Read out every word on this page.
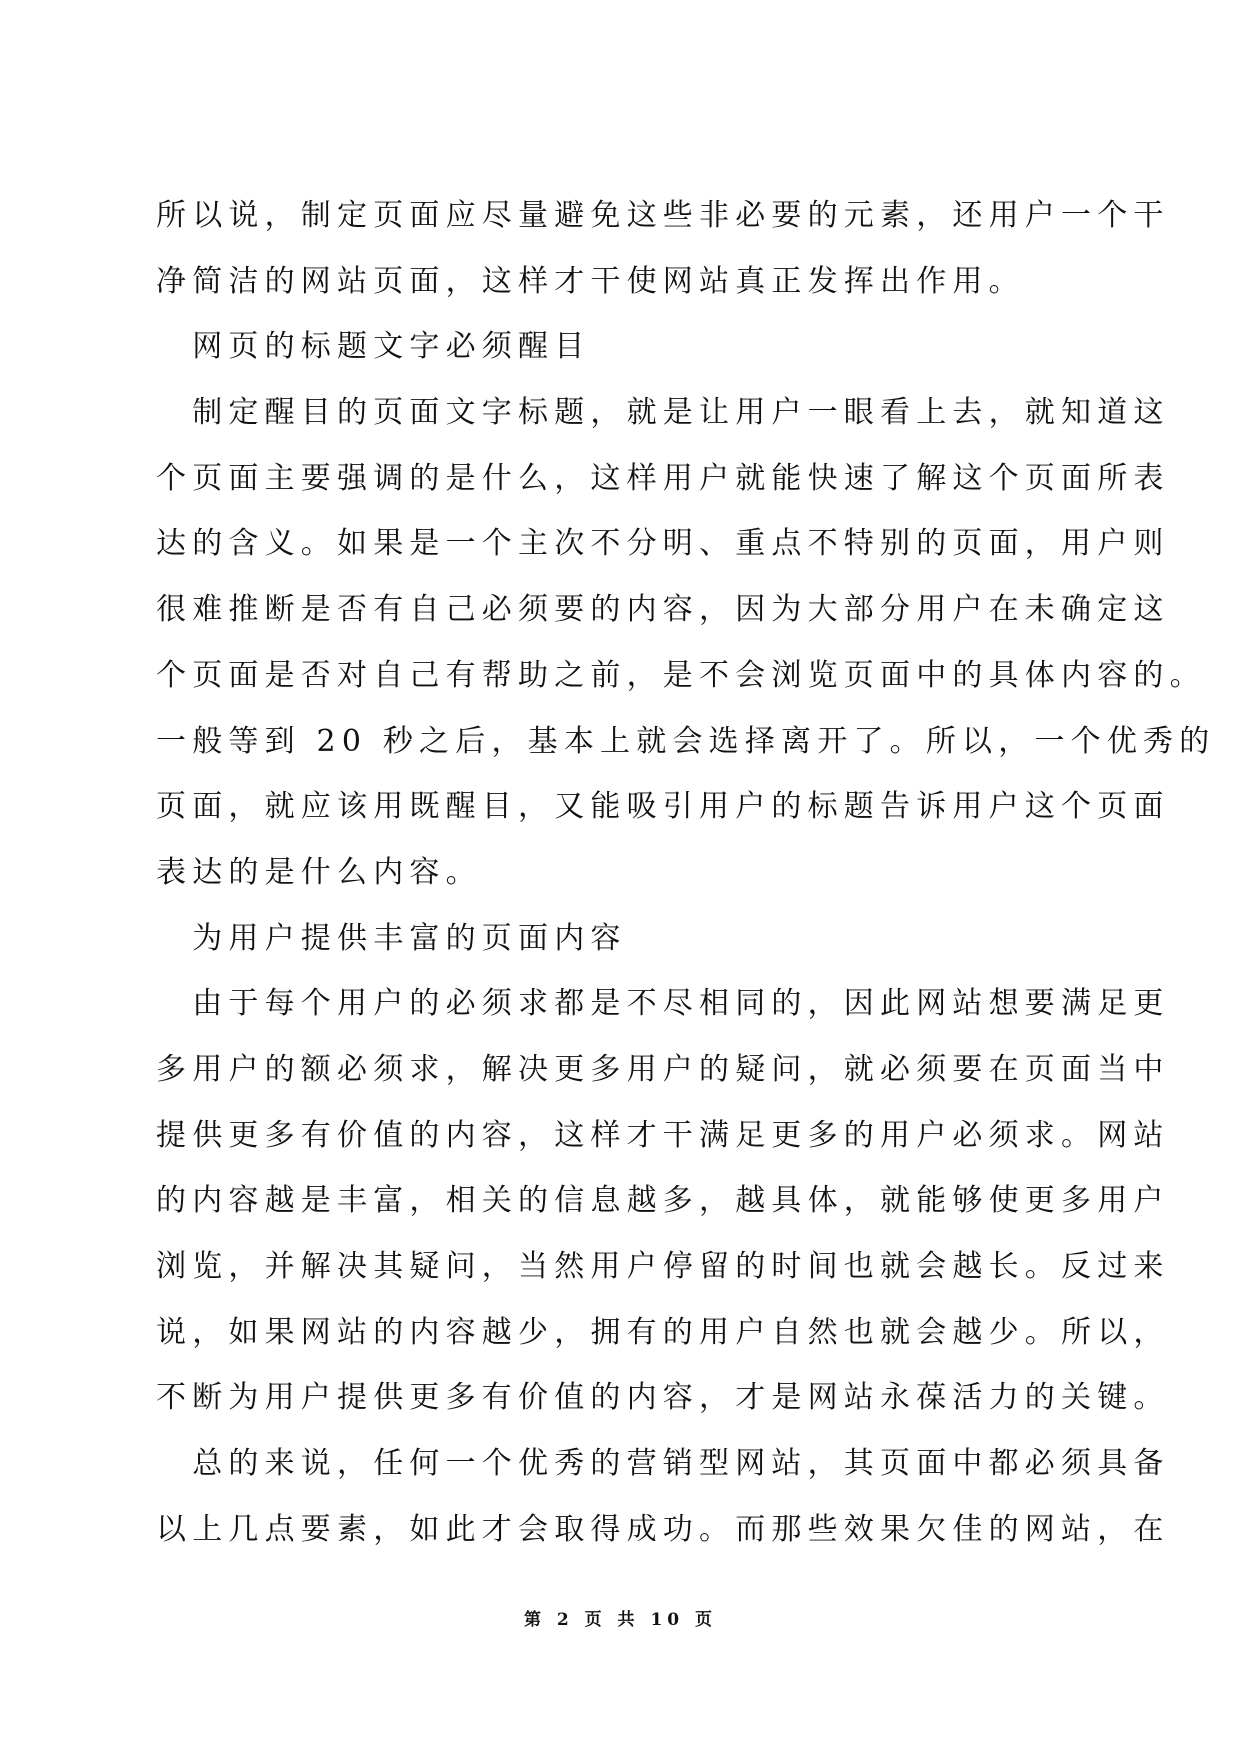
所以说，制定页面应尽量避免这些非必要的元素，还用户一个干
净简洁的网站页面，这样才干使网站真正发挥出作用。
　网页的标题文字必须醒目
　制定醒目的页面文字标题，就是让用户一眼看上去，就知道这
个页面主要强调的是什么，这样用户就能快速了解这个页面所表
达的含义。如果是一个主次不分明、重点不特别的页面，用户则
很难推断是否有自己必须要的内容，因为大部分用户在未确定这
个页面是否对自己有帮助之前，是不会浏览页面中的具体内容的。
一般等到 20 秒之后，基本上就会选择离开了。所以，一个优秀的
页面，就应该用既醒目，又能吸引用户的标题告诉用户这个页面
表达的是什么内容。
　为用户提供丰富的页面内容
　由于每个用户的必须求都是不尽相同的，因此网站想要满足更
多用户的额必须求，解决更多用户的疑问，就必须要在页面当中
提供更多有价值的内容，这样才干满足更多的用户必须求。网站
的内容越是丰富，相关的信息越多，越具体，就能够使更多用户
浏览，并解决其疑问，当然用户停留的时间也就会越长。反过来
说，如果网站的内容越少，拥有的用户自然也就会越少。所以，
不断为用户提供更多有价值的内容，才是网站永葆活力的关键。
　总的来说，任何一个优秀的营销型网站，其页面中都必须具备
以上几点要素，如此才会取得成功。而那些效果欠佳的网站，在
第 2 页 共 10 页
